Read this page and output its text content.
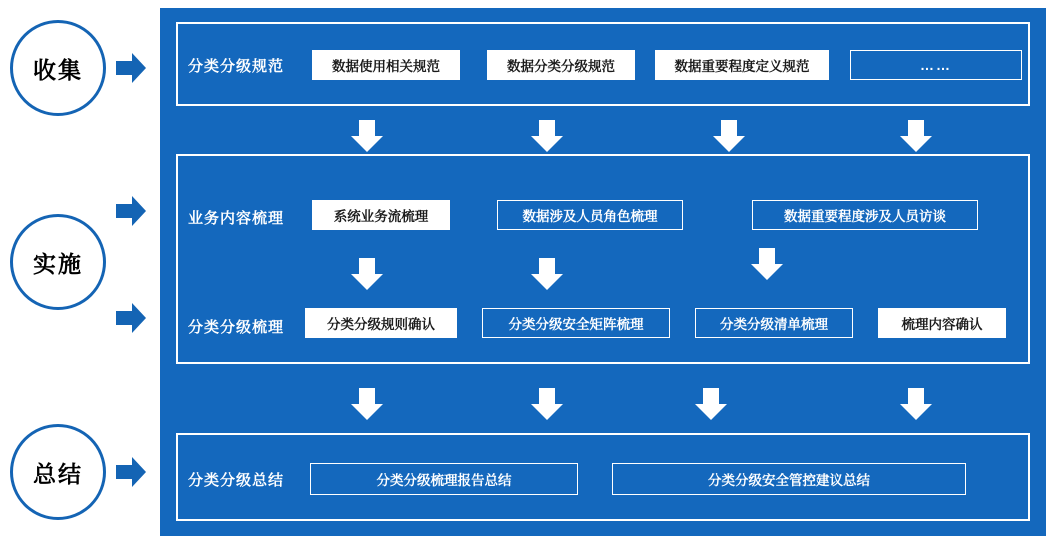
分类分级规范	数据使用相关规范	数据分类分级规范	数据重要程度定义规范	……
业务内容梳理	系统业务流梳理	数据涉及人员角色梳理	数据重要程度涉及人员访谈
分类分级梳理	分类分级规则确认	分类分级安全矩阵梳理	分类分级清单梳理	梳理内容确认
分类分级总结	分类分级梳理报告总结	分类分级安全管控建议总结
收集
实施
总结
